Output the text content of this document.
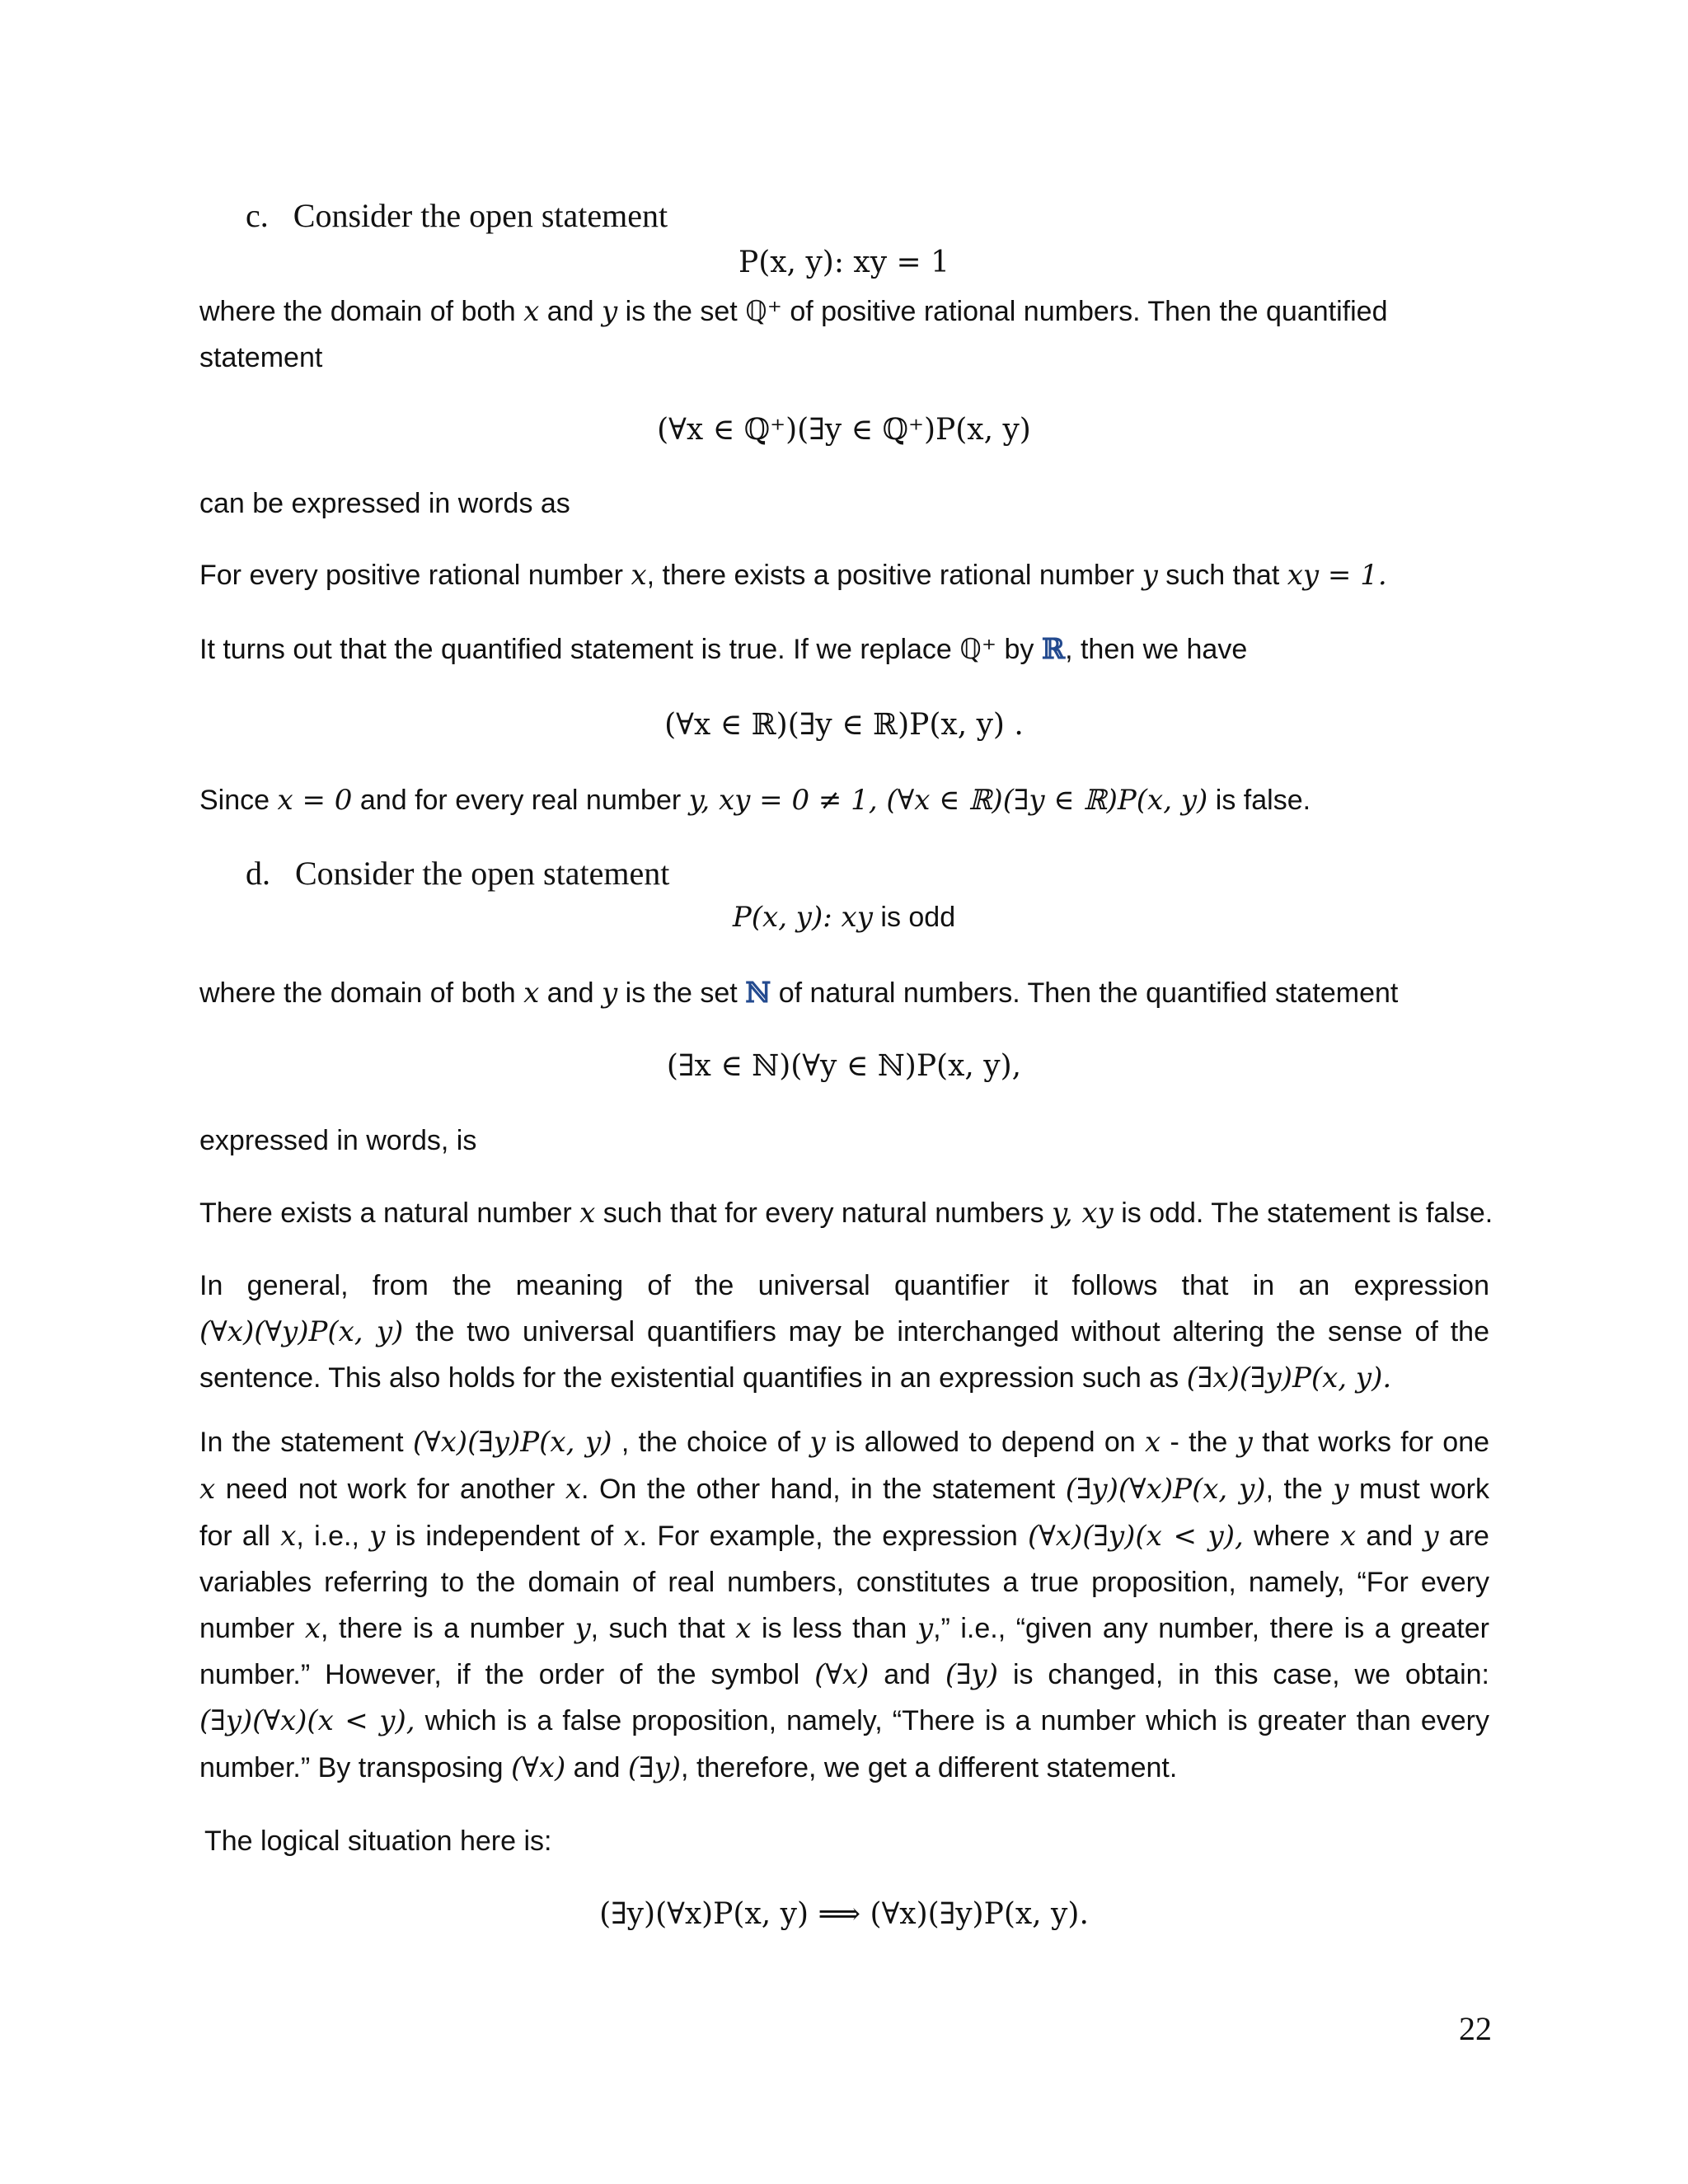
c. Consider the open statement
P(x, y): xy = 1
where the domain of both x and y is the set ℚ⁺ of positive rational numbers. Then the quantified
statement
(∀x ∈ ℚ⁺)(∃y ∈ ℚ⁺)P(x, y)
can be expressed in words as
For every positive rational number x, there exists a positive rational number y such that xy = 1.
It turns out that the quantified statement is true. If we replace ℚ⁺ by ℝ, then we have
(∀x ∈ ℝ)(∃y ∈ ℝ)P(x, y) .
Since x = 0 and for every real number y, xy = 0 ≠ 1, (∀x ∈ ℝ)(∃y ∈ ℝ)P(x, y) is false.
d. Consider the open statement
P(x, y): xy is odd
where the domain of both x and y is the set ℕ of natural numbers. Then the quantified statement
(∃x ∈ ℕ)(∀y ∈ ℕ)P(x, y),
expressed in words, is
There exists a natural number x such that for every natural numbers y, xy is odd. The statement is false.
In general, from the meaning of the universal quantifier it follows that in an expression
(∀x)(∀y)P(x, y) the two universal quantifiers may be interchanged without altering the sense of the
sentence. This also holds for the existential quantifies in an expression such as (∃x)(∃y)P(x, y).
In the statement (∀x)(∃y)P(x, y) , the choice of y is allowed to depend on x - the y that works for one
x need not work for another x. On the other hand, in the statement (∃y)(∀x)P(x, y), the y must work
for all x, i.e., y is independent of x. For example, the expression (∀x)(∃y)(x < y), where x and y are
variables referring to the domain of real numbers, constitutes a true proposition, namely, “For every
number x, there is a number y, such that x is less than y,” i.e., “given any number, there is a greater
number.” However, if the order of the symbol (∀x) and (∃y) is changed, in this case, we obtain:
(∃y)(∀x)(x < y), which is a false proposition, namely, “There is a number which is greater than every
number.” By transposing (∀x) and (∃y), therefore, we get a different statement.
The logical situation here is:
(∃y)(∀x)P(x, y) ⟹ (∀x)(∃y)P(x, y).
22
